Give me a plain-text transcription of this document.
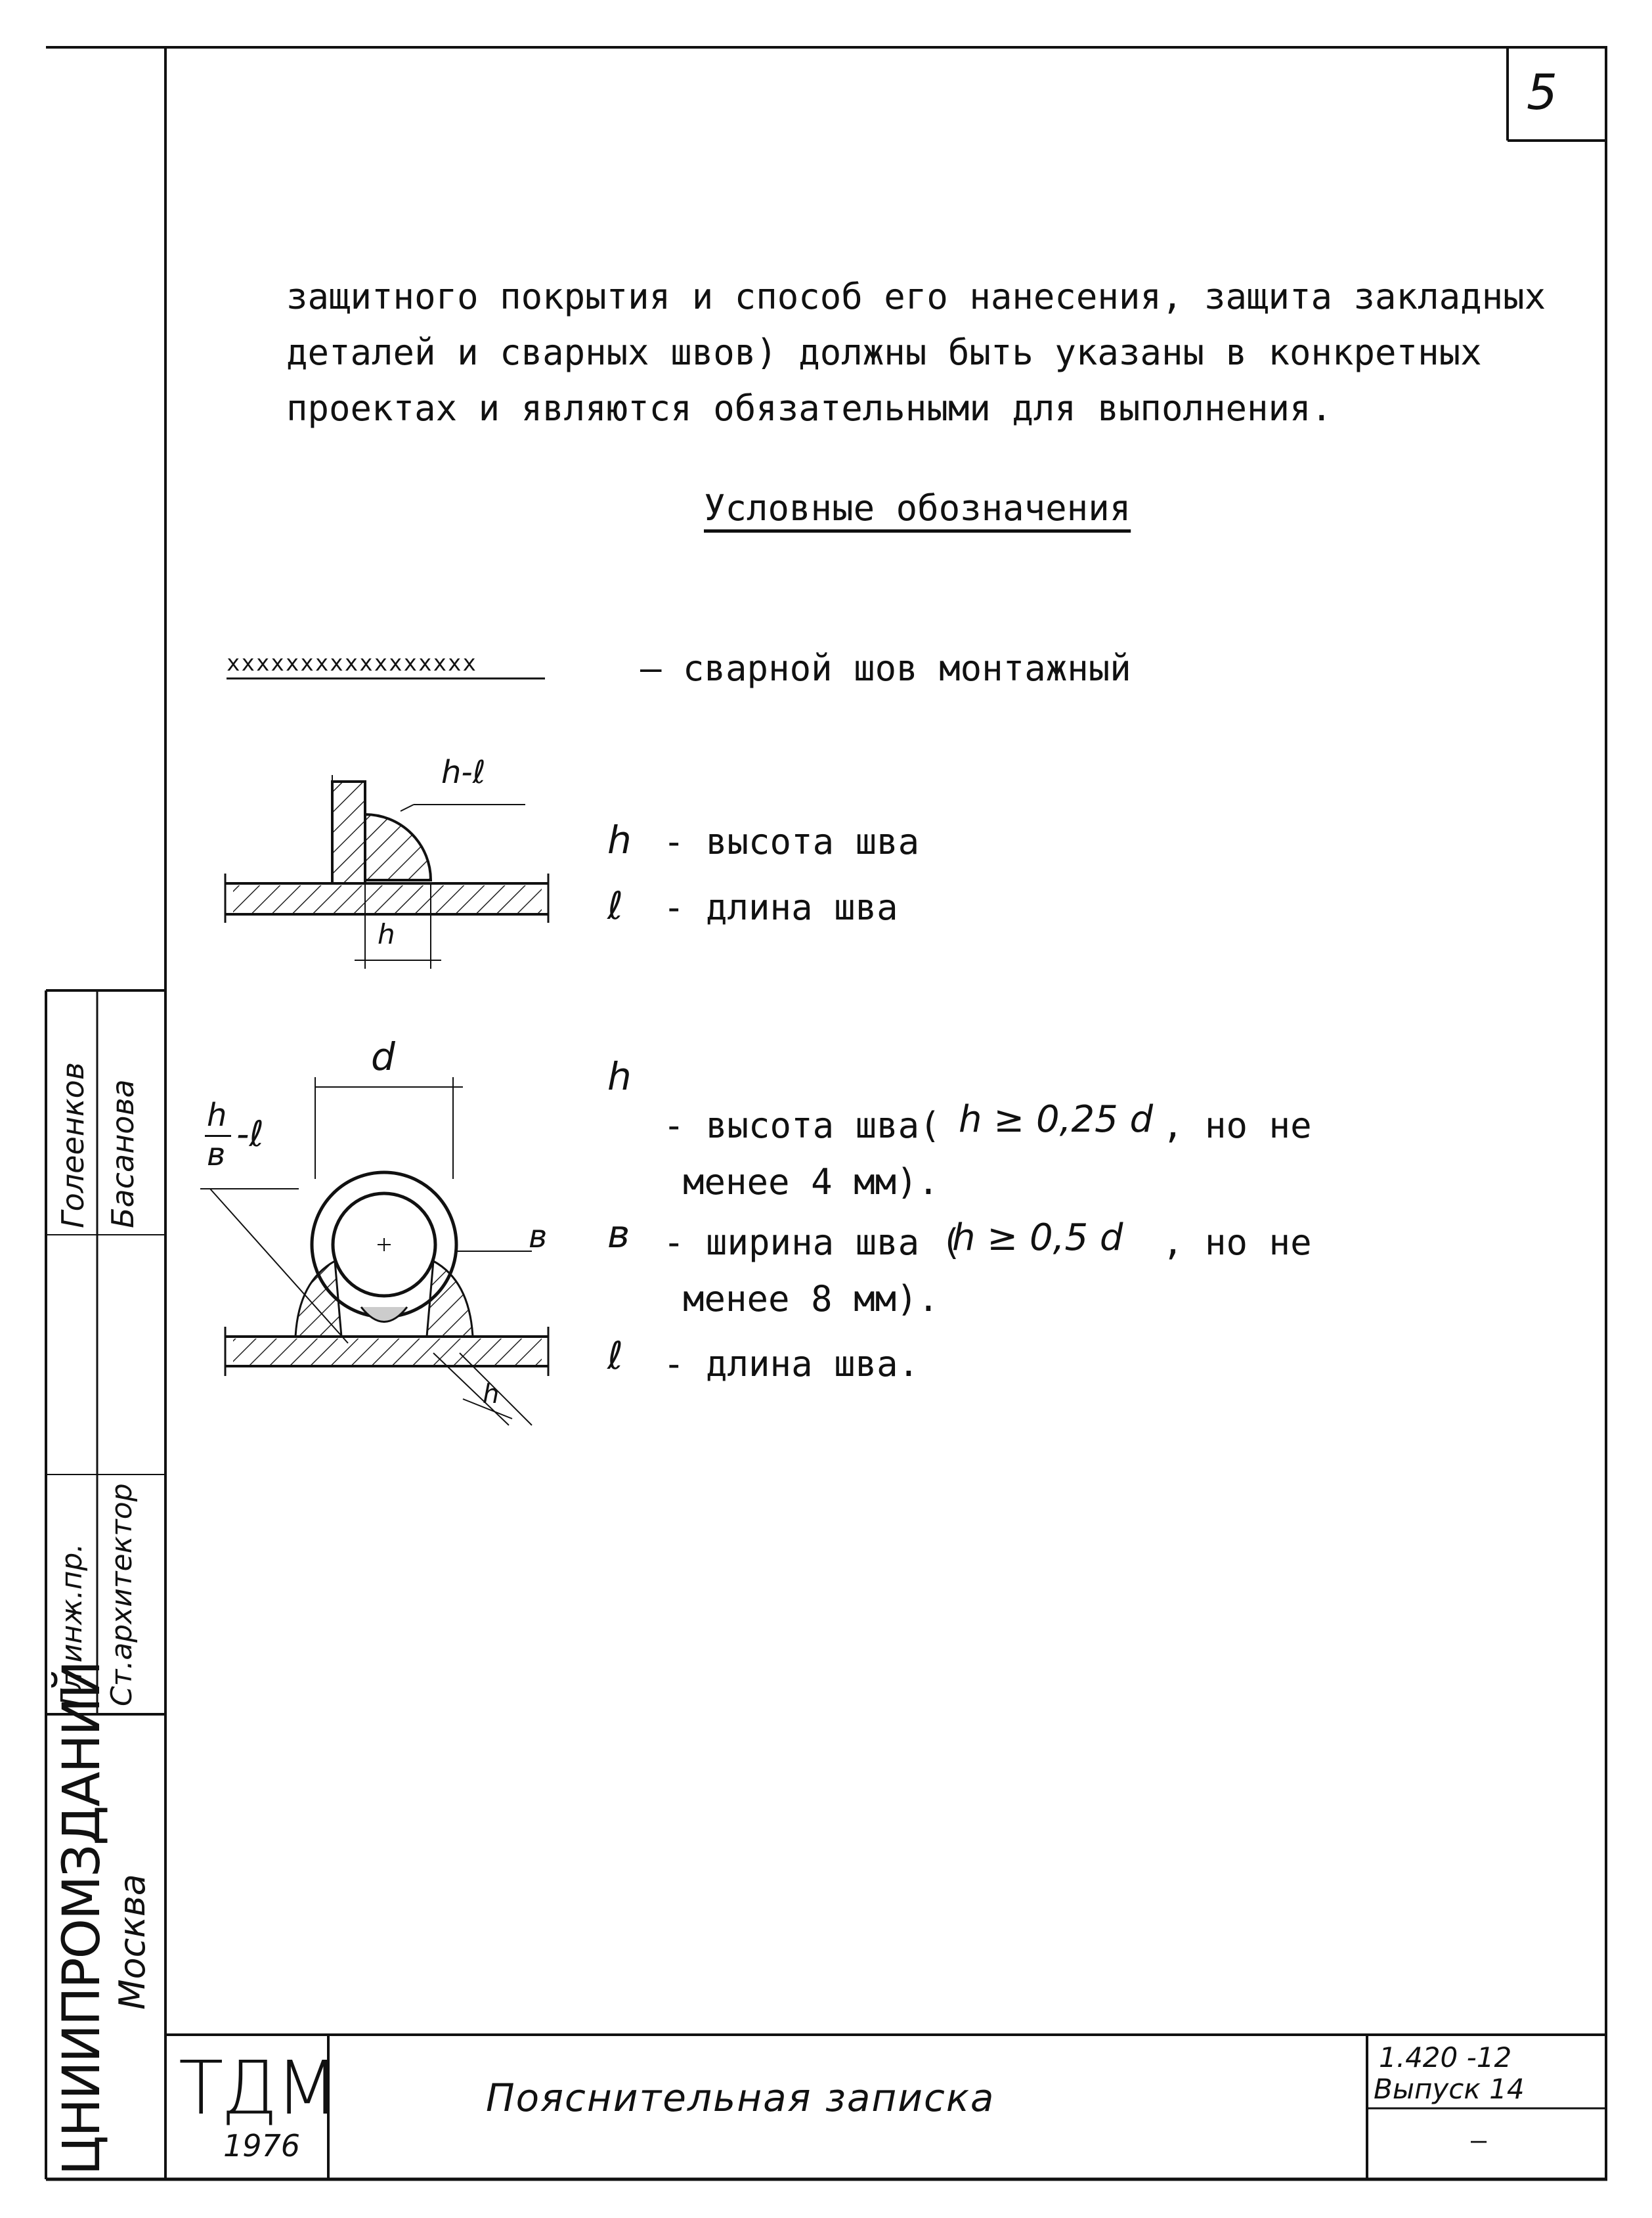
5
защитного покрытия и способ его нанесения, защита закладных
деталей и сварных швов) должны быть указаны в конкретных
проектах и являются обязательными для выполнения.
Условные обозначения
xxxxxxxxxxxxxxxxx	— сварной шов монтажный
h-ℓ
h
h - высота шва
ℓ - длина шва
d
h
в -ℓ
в
h
h
- высота шва( h ≥ 0,25 d , но не
менее 4 мм).
в - ширина шва (
h ≥ 0,5 d , но не
менее 8 мм).
ℓ - длина шва.
ЦНИИПРОМЗДАНИЙ Москва
Гл.инж.пр. Ст.архитектор
Голеенков Басанова
ТДМ
1976
Пояснительная записка
1.420 -12
Выпуск 14
—
